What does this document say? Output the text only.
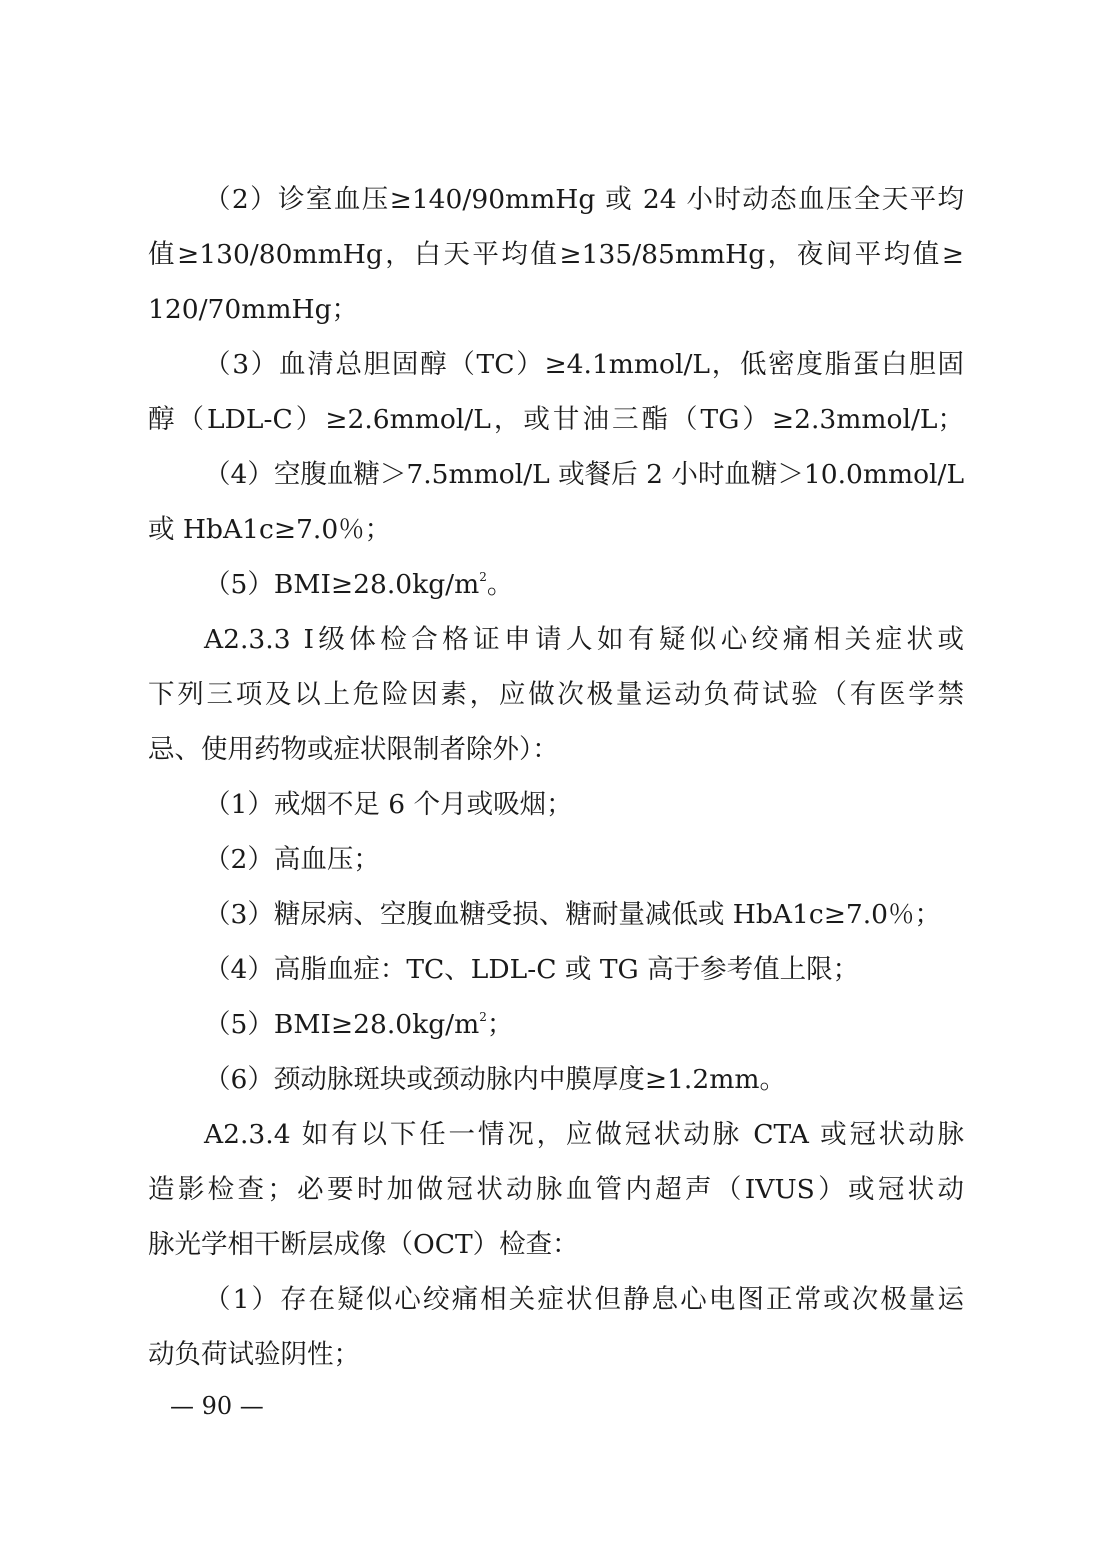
（2）诊室血压≥140/90mmHg 或 24 小时动态血压全天平均
值≥130/80mmHg，白天平均值≥135/85mmHg，夜间平均值≥
120/70mmHg；
（3）血清总胆固醇（TC）≥4.1mmol/L，低密度脂蛋白胆固
醇（LDL-C）≥2.6mmol/L，或甘油三酯（TG）≥2.3mmol/L；
（4）空腹血糖＞7.5mmol/L 或餐后 2 小时血糖＞10.0mmol/L
或 HbA1c≥7.0％；
$(5)BMI\ge 28.0kg/m^2$。
A2.3.3 Ⅰ级体检合格证申请人如有疑似心绞痛相关症状或
下列三项及以上危险因素，应做次极量运动负荷试验（有医学禁
忌、使用药物或症状限制者除外）：
（1）戒烟不足 6 个月或吸烟；
（2）高血压；
（3）糖尿病、空腹血糖受损、糖耐量减低或 HbA1c≥7.0％；
（4）高脂血症：TC、LDL-C 或 TG 高于参考值上限；
$(5)BMI\ge 28.0kg/m^2$；
（6）颈动脉斑块或颈动脉内中膜厚度≥1.2mm。
A2.3.4 如有以下任一情况，应做冠状动脉 CTA 或冠状动脉
造影检查；必要时加做冠状动脉血管内超声（IVUS）或冠状动
脉光学相干断层成像（OCT）检查：
（1）存在疑似心绞痛相关症状但静息心电图正常或次极量运
动负荷试验阴性；
— 90 —
